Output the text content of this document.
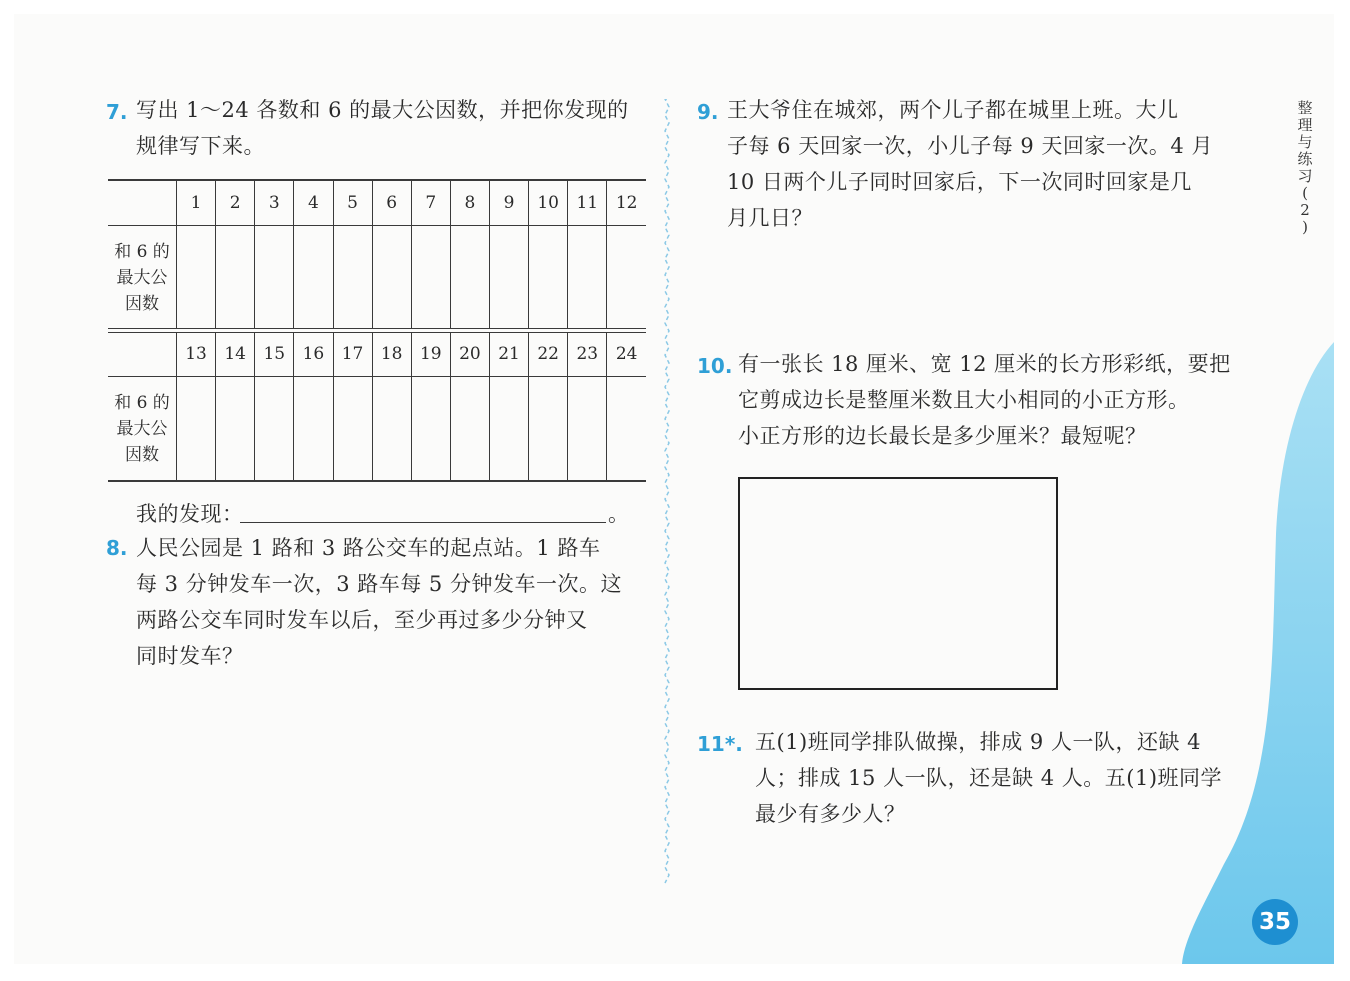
7. 写出 1～24 各数和 6 的最大公因数，并把你发现的
规律写下来。
	1	2	3	4	5	6	7	8	9	10	11	12

和 6 的
最大公
因数												

	13	14	15	16	17	18	19	20	21	22	23	24

和 6 的
最大公
因数												

我的发现：	。
8. 人民公园是 1 路和 3 路公交车的起点站。1 路车
每 3 分钟发车一次，3 路车每 5 分钟发车一次。这
两路公交车同时发车以后，至少再过多少分钟又
同时发车？
9. 王大爷住在城郊，两个儿子都在城里上班。大儿
子每 6 天回家一次，小儿子每 9 天回家一次。4 月
10 日两个儿子同时回家后，下一次同时回家是几
月几日？
10. 有一张长 18 厘米、宽 12 厘米的长方形彩纸，要把
它剪成边长是整厘米数且大小相同的小正方形。
小正方形的边长最长是多少厘米？最短呢？
11*. 五(1)班同学排队做操，排成 9 人一队，还缺 4
人；排成 15 人一队，还是缺 4 人。五(1)班同学
最少有多少人？
整
理
与
练
习
(
2
)
35
